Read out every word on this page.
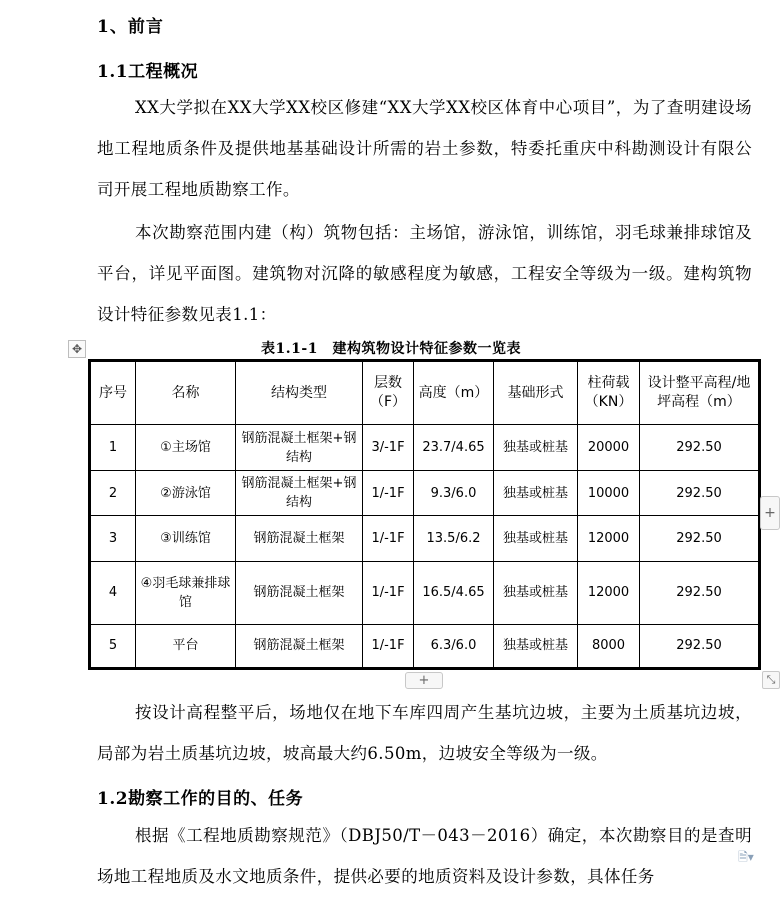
1、前言
1.1工程概况
XX大学拟在XX大学XX校区修建“XX大学XX校区体育中心项目”，为了查明建设场地工程地质条件及提供地基基础设计所需的岩土参数，特委托重庆中科勘测设计有限公司开展工程地质勘察工作。
本次勘察范围内建（构）筑物包括：主场馆，游泳馆，训练馆，羽毛球兼排球馆及平台，详见平面图。建筑物对沉降的敏感程度为敏感，工程安全等级为一级。建构筑物设计特征参数见表1.1：
✥	表1.1-1　建构筑物设计特征参数一览表
序号	名称	结构类型	层数（F）	高度（m）	基础形式	柱荷载（KN）	设计整平高程/地坪高程（m）
1	①主场馆	钢筋混凝土框架+钢结构	3/-1F	23.7/4.65	独基或桩基	20000	292.50
2	②游泳馆	钢筋混凝土框架+钢结构	1/-1F	9.3/6.0	独基或桩基	10000	292.50
3	③训练馆	钢筋混凝土框架	1/-1F	13.5/6.2	独基或桩基	12000	292.50
4	④羽毛球兼排球馆	钢筋混凝土框架	1/-1F	16.5/4.65	独基或桩基	12000	292.50
5	平台	钢筋混凝土框架	1/-1F	6.3/6.0	独基或桩基	8000	292.50
+
+
⤡
按设计高程整平后，场地仅在地下车库四周产生基坑边坡，主要为土质基坑边坡，局部为岩土质基坑边坡，坡高最大约6.50m，边坡安全等级为一级。
1.2勘察工作的目的、任务
根据《工程地质勘察规范》（DBJ50/T－043－2016）确定，本次勘察目的是查明场地工程地质及水文地质条件，提供必要的地质资料及设计参数，具体任务
🗎▾
